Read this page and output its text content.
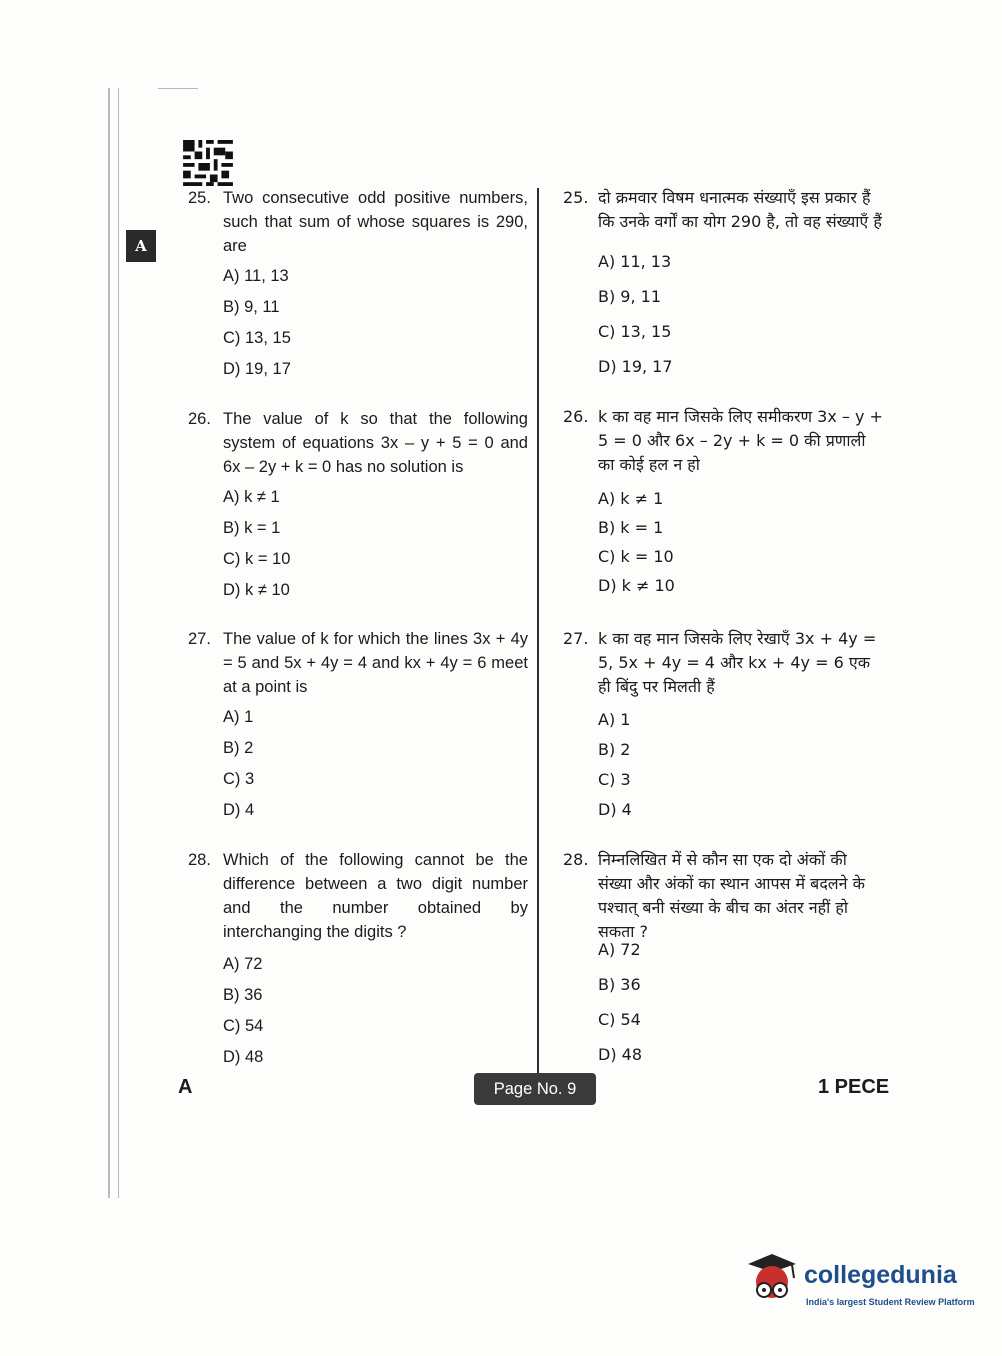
A
25. Two consecutive odd positive numbers, such that sum of whose squares is 290, are
A) 11, 13
B) 9, 11
C) 13, 15
D) 19, 17
26. The value of k so that the following system of equations 3x – y + 5 = 0 and 6x – 2y + k = 0 has no solution is
A) k ≠ 1
B) k = 1
C) k = 10
D) k ≠ 10
27. The value of k for which the lines 3x + 4y = 5 and 5x + 4y = 4 and kx + 4y = 6 meet at a point is
A) 1
B) 2
C) 3
D) 4
28. Which of the following cannot be the difference between a two digit number and the number obtained by interchanging the digits ?
A) 72
B) 36
C) 54
D) 48
25. दो क्रमवार विषम धनात्मक संख्याएँ इस प्रकार हैं कि उनके वर्गों का योग 290 है, तो वह संख्याएँ हैं
A) 11, 13
B) 9, 11
C) 13, 15
D) 19, 17
26. k का वह मान जिसके लिए समीकरण 3x – y + 5 = 0 और 6x – 2y + k = 0 की प्रणाली का कोई हल न हो
A) k ≠ 1
B) k = 1
C) k = 10
D) k ≠ 10
27. k का वह मान जिसके लिए रेखाएँ 3x + 4y = 5, 5x + 4y = 4 और kx + 4y = 6 एक ही बिंदु पर मिलती हैं
A) 1
B) 2
C) 3
D) 4
28. निम्नलिखित में से कौन सा एक दो अंकों की संख्या और अंकों का स्थान आपस में बदलने के पश्चात् बनी संख्या के बीच का अंतर नहीं हो सकता ?
A) 72
B) 36
C) 54
D) 48
A	Page No. 9	1 PECE
collegedunia
India's largest Student Review Platform
